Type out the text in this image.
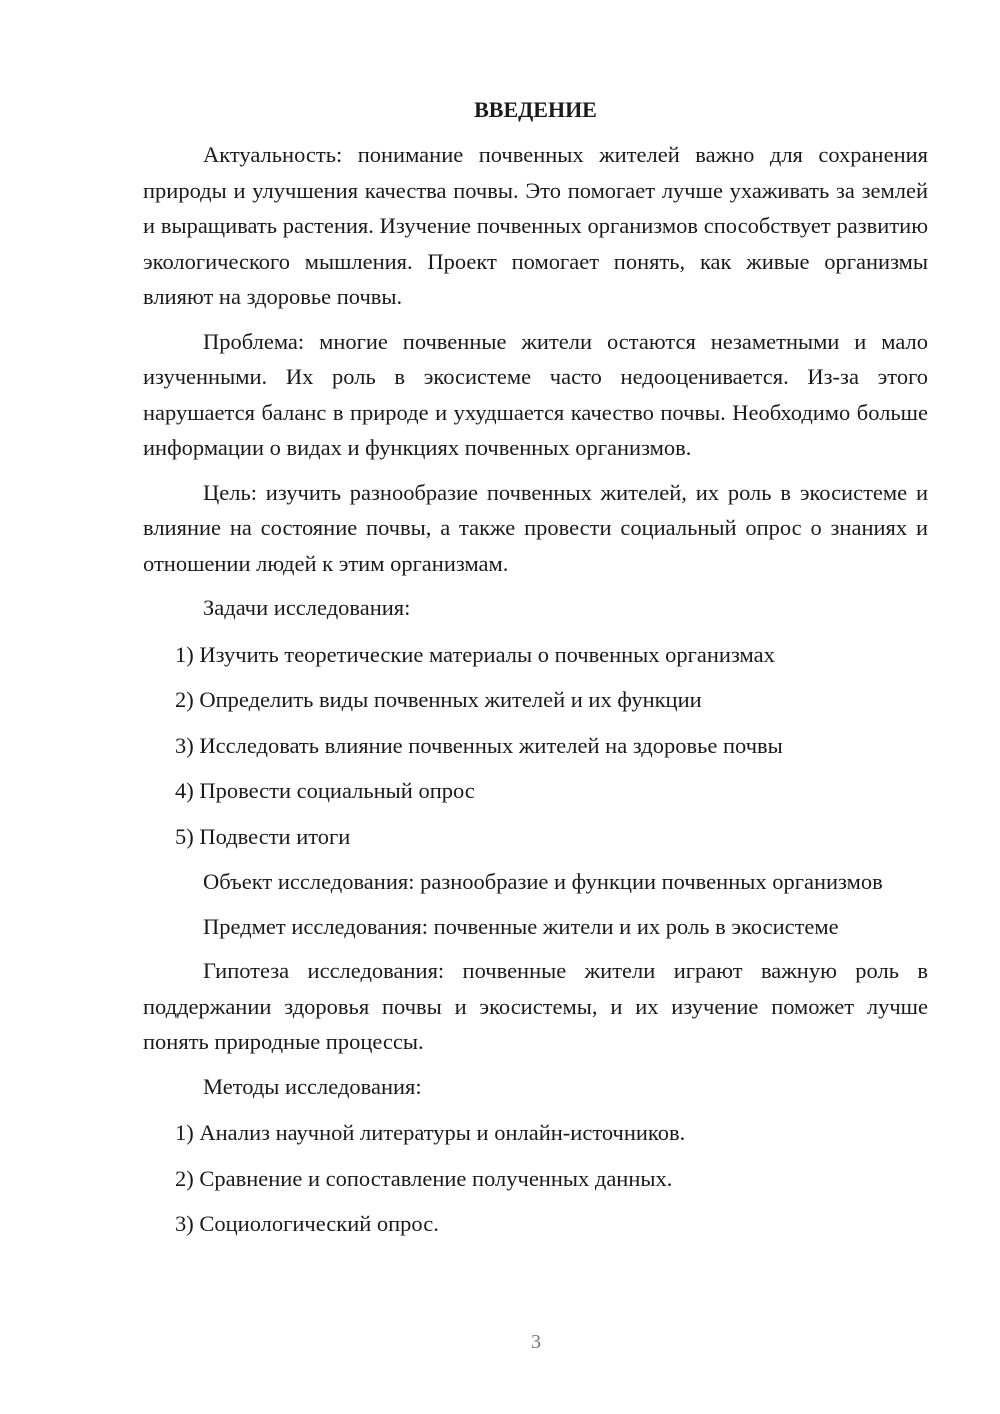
ВВЕДЕНИЕ

Актуальность: понимание почвенных жителей важно для сохранения природы и улучшения качества почвы. Это помогает лучше ухаживать за землей и выращивать растения. Изучение почвенных организмов способствует развитию экологического мышления. Проект помогает понять, как живые организмы влияют на здоровье почвы.

Проблема: многие почвенные жители остаются незаметными и мало изученными. Их роль в экосистеме часто недооценивается. Из-за этого нарушается баланс в природе и ухудшается качество почвы. Необходимо больше информации о видах и функциях почвенных организмов.

Цель: изучить разнообразие почвенных жителей, их роль в экосистеме и влияние на состояние почвы, а также провести социальный опрос о знаниях и отношении людей к этим организмам.

Задачи исследования:

1) Изучить теоретические материалы о почвенных организмах

2) Определить виды почвенных жителей и их функции

3) Исследовать влияние почвенных жителей на здоровье почвы

4) Провести социальный опрос

5) Подвести итоги

Объект исследования: разнообразие и функции почвенных организмов

Предмет исследования: почвенные жители и их роль в экосистеме

Гипотеза исследования: почвенные жители играют важную роль в поддержании здоровья почвы и экосистемы, и их изучение поможет лучше понять природные процессы.

Методы исследования:

1) Анализ научной литературы и онлайн-источников.

2) Сравнение и сопоставление полученных данных.

3) Социологический опрос.

3
